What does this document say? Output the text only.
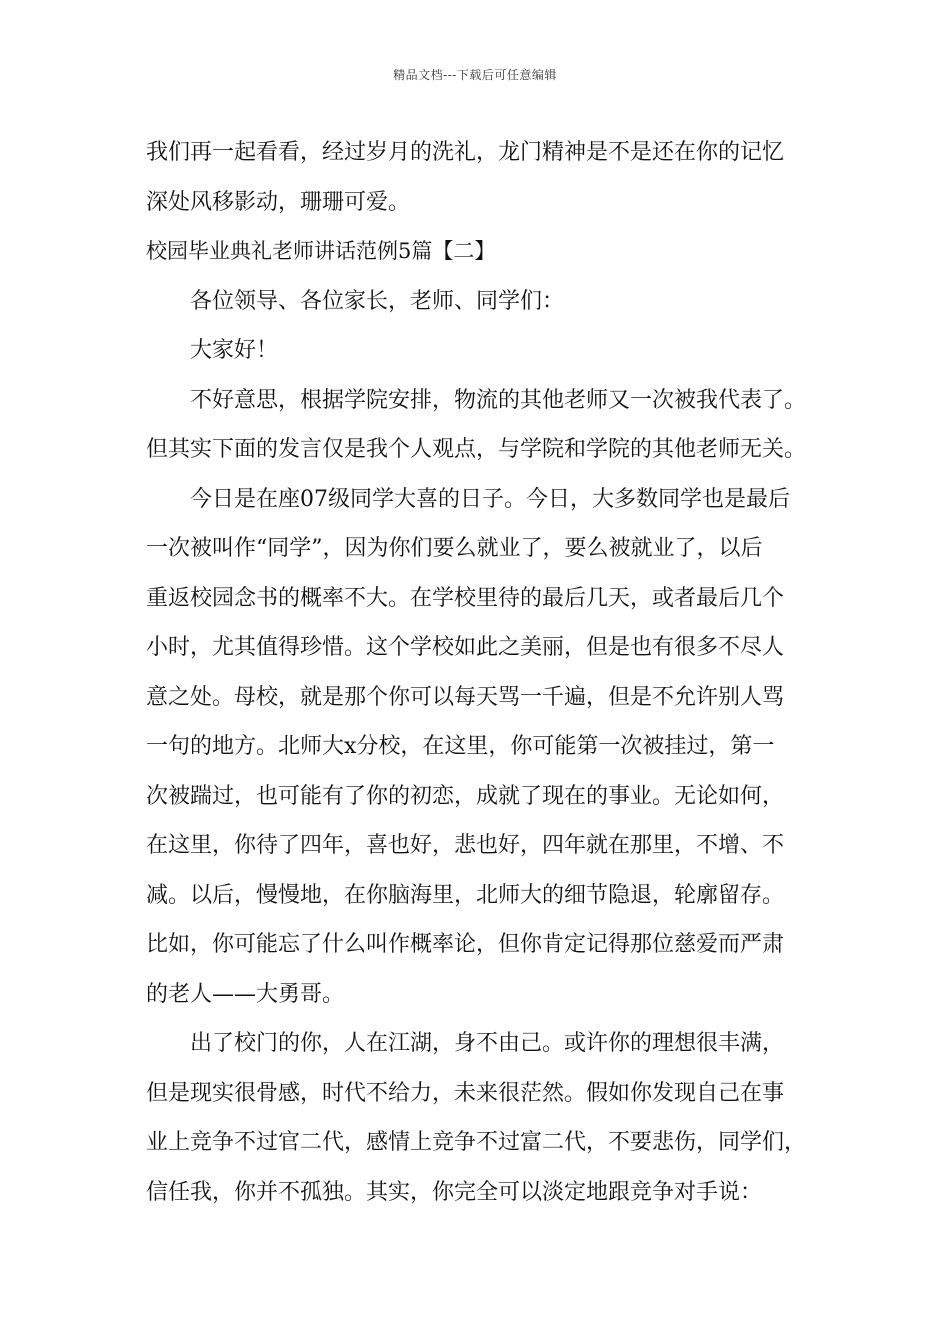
精品文档---下载后可任意编辑
我们再一起看看，经过岁月的洗礼，龙门精神是不是还在你的记忆
深处风移影动，珊珊可爱。
校园毕业典礼老师讲话范例5篇【二】
各位领导、各位家长，老师、同学们：
大家好！
不好意思，根据学院安排，物流的其他老师又一次被我代表了。
但其实下面的发言仅是我个人观点，与学院和学院的其他老师无关。
今日是在座07级同学大喜的日子。今日，大多数同学也是最后
一次被叫作“同学”，因为你们要么就业了，要么被就业了，以后
重返校园念书的概率不大。在学校里待的最后几天，或者最后几个
小时，尤其值得珍惜。这个学校如此之美丽，但是也有很多不尽人
意之处。母校，就是那个你可以每天骂一千遍，但是不允许别人骂
一句的地方。北师大x分校，在这里，你可能第一次被挂过，第一
次被踹过，也可能有了你的初恋，成就了现在的事业。无论如何，
在这里，你待了四年，喜也好，悲也好，四年就在那里，不增、不
减。以后，慢慢地，在你脑海里，北师大的细节隐退，轮廓留存。
比如，你可能忘了什么叫作概率论，但你肯定记得那位慈爱而严肃
的老人——大勇哥。
出了校门的你，人在江湖，身不由己。或许你的理想很丰满，
但是现实很骨感，时代不给力，未来很茫然。假如你发现自己在事
业上竞争不过官二代，感情上竞争不过富二代，不要悲伤，同学们，
信任我，你并不孤独。其实，你完全可以淡定地跟竞争对手说：
